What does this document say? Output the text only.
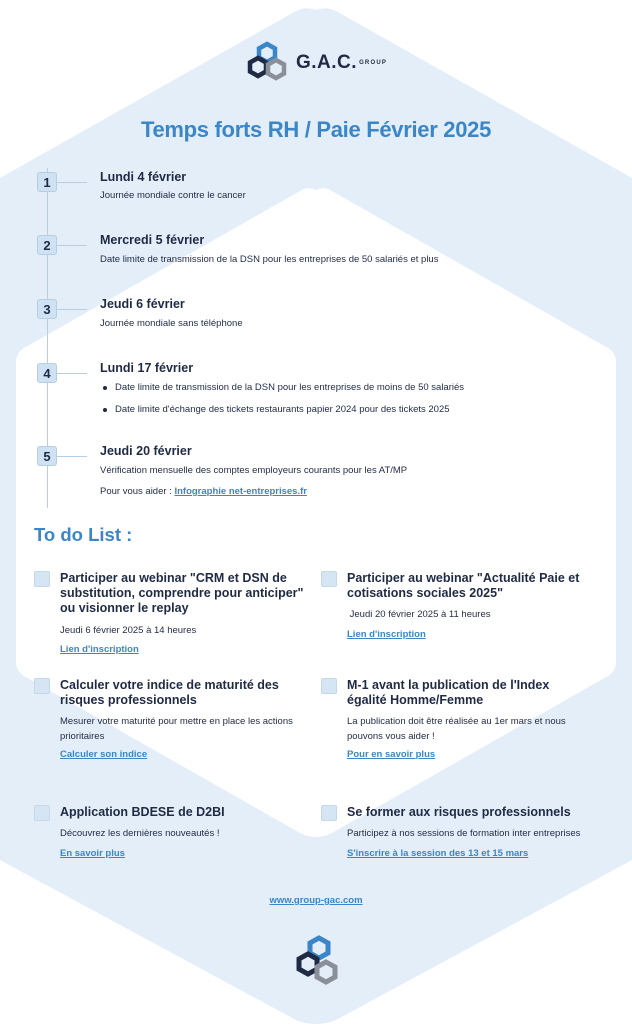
G.A.C. GROUP
Temps forts RH / Paie Février 2025
1	Lundi 4 février
Journée mondiale contre le cancer
2	Mercredi 5 février
Date limite de transmission de la DSN pour les entreprises de 50 salariés et plus
3	Jeudi 6 février
Journée mondiale sans téléphone
4	Lundi 17 février
Date limite de transmission de la DSN pour les entreprises de moins de 50 salariés
Date limite d'échange des tickets restaurants papier 2024 pour des tickets 2025
5	Jeudi 20 février
Vérification mensuelle des comptes employeurs courants pour les AT/MP
Pour vous aider : Infographie net-entreprises.fr
To do List :
Participer au webinar "CRM et DSN de substitution, comprendre pour anticiper" ou visionner le replay
Jeudi 6 février 2025 à 14 heures
Lien d'inscription
Participer au webinar "Actualité Paie et cotisations sociales 2025"
Jeudi 20 février 2025 à 11 heures
Lien d'inscription
Calculer votre indice de maturité des risques professionnels
Mesurer votre maturité pour mettre en place les actions prioritaires
Calculer son indice
M-1 avant la publication de l'Index égalité Homme/Femme
La publication doit être réalisée au 1er mars et nous pouvons vous aider !
Pour en savoir plus
Application BDESE de D2BI
Découvrez les dernières nouveautés !
En savoir plus
Se former aux risques professionnels
Participez à nos sessions de formation inter entreprises
S'inscrire à la session des 13 et 15 mars
www.group-gac.com
